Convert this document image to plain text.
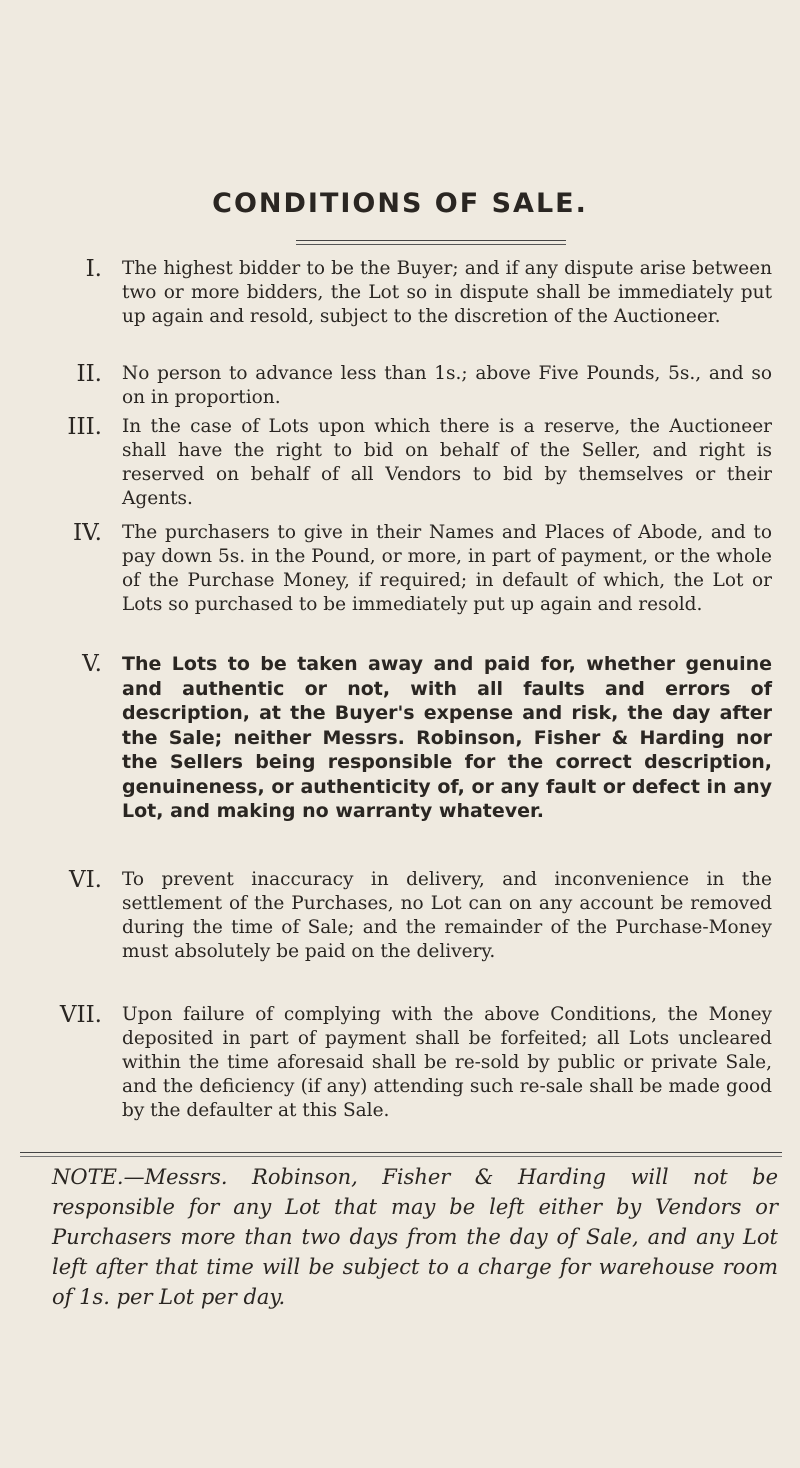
CONDITIONS OF SALE.
I. The highest bidder to be the Buyer; and if any dispute arise between two or more bidders, the Lot so in dispute shall be immediately put up again and resold, subject to the discretion of the Auctioneer.

II. No person to advance less than 1s.; above Five Pounds, 5s., and so on in proportion.

III. In the case of Lots upon which there is a reserve, the Auctioneer shall have the right to bid on behalf of the Seller, and right is reserved on behalf of all Vendors to bid by themselves or their Agents.

IV. The purchasers to give in their Names and Places of Abode, and to pay down 5s. in the Pound, or more, in part of payment, or the whole of the Purchase Money, if required; in default of which, the Lot or Lots so purchased to be immediately put up again and resold.

V. The Lots to be taken away and paid for, whether genuine and authentic or not, with all faults and errors of description, at the Buyer's expense and risk, the day after the Sale; neither Messrs. Robinson, Fisher & Harding nor the Sellers being responsible for the correct description, genuineness, or authenticity of, or any fault or defect in any Lot, and making no warranty whatever.

VI. To prevent inaccuracy in delivery, and inconvenience in the settlement of the Purchases, no Lot can on any account be removed during the time of Sale; and the remainder of the Purchase-Money must absolutely be paid on the delivery.

VII. Upon failure of complying with the above Conditions, the Money deposited in part of payment shall be forfeited; all Lots uncleared within the time aforesaid shall be re-sold by public or private Sale, and the deficiency (if any) attending such re-sale shall be made good by the defaulter at this Sale.

NOTE.—Messrs. Robinson, Fisher & Harding will not be responsible for any Lot that may be left either by Vendors or Purchasers more than two days from the day of Sale, and any Lot left after that time will be subject to a charge for warehouse room of 1s. per Lot per day.
